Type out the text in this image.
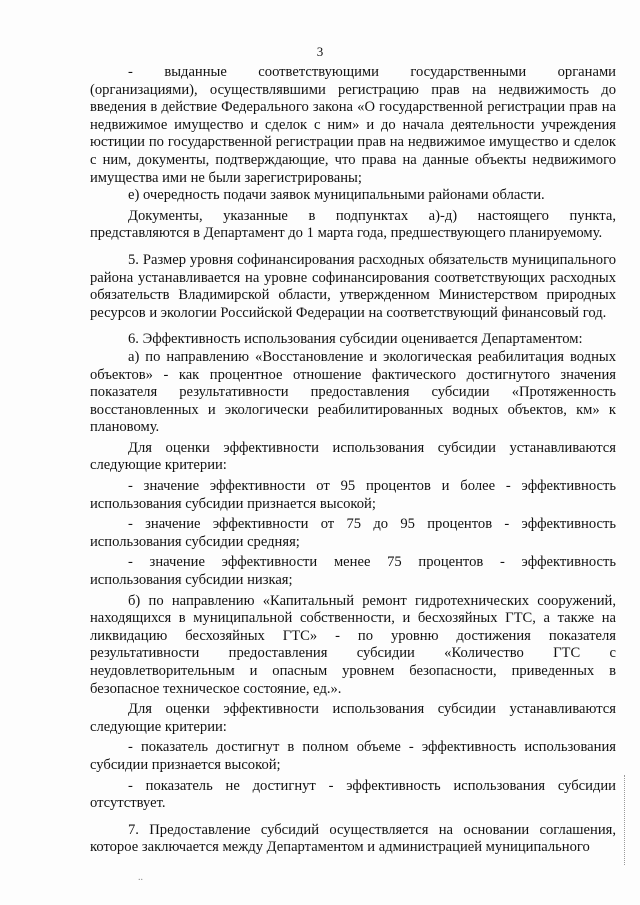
3

- выданные соответствующими государственными органами (организациями), осуществлявшими регистрацию прав на недвижимость до введения в действие Федерального закона «О государственной регистрации прав на недвижимое имущество и сделок с ним» и до начала деятельности учреждения юстиции по государственной регистрации прав на недвижимое имущество и сделок с ним, документы, подтверждающие, что права на данные объекты недвижимого имущества ими не были зарегистрированы;

е) очередность подачи заявок муниципальными районами области.

Документы, указанные в подпунктах а)-д) настоящего пункта, представляются в Департамент до 1 марта года, предшествующего планируемому.

5. Размер уровня софинансирования расходных обязательств муниципального района устанавливается на уровне софинансирования соответствующих расходных обязательств Владимирской области, утвержденном Министерством природных ресурсов и экологии Российской Федерации на соответствующий финансовый год.

6. Эффективность использования субсидии оценивается Департаментом:

а) по направлению «Восстановление и экологическая реабилитация водных объектов» - как процентное отношение фактического достигнутого значения показателя результативности предоставления субсидии «Протяженность восстановленных и экологически реабилитированных водных объектов, км» к плановому.

Для оценки эффективности использования субсидии устанавливаются следующие критерии:

- значение эффективности от 95 процентов и более - эффективность использования субсидии признается высокой;

- значение эффективности от 75 до 95 процентов - эффективность использования субсидии средняя;

- значение эффективности менее 75 процентов - эффективность использования субсидии низкая;

б) по направлению «Капитальный ремонт гидротехнических сооружений, находящихся в муниципальной собственности, и бесхозяйных ГТС, а также на ликвидацию бесхозяйных ГТС» - по уровню достижения показателя результативности предоставления субсидии «Количество ГТС с неудовлетворительным и опасным уровнем безопасности, приведенных в безопасное техническое состояние, ед.».

Для оценки эффективности использования субсидии устанавливаются следующие критерии:

- показатель достигнут в полном объеме - эффективность использования субсидии признается высокой;

- показатель не достигнут - эффективность использования субсидии отсутствует.

7. Предоставление субсидий осуществляется на основании соглашения, которое заключается между Департаментом и администрацией муниципального

..
